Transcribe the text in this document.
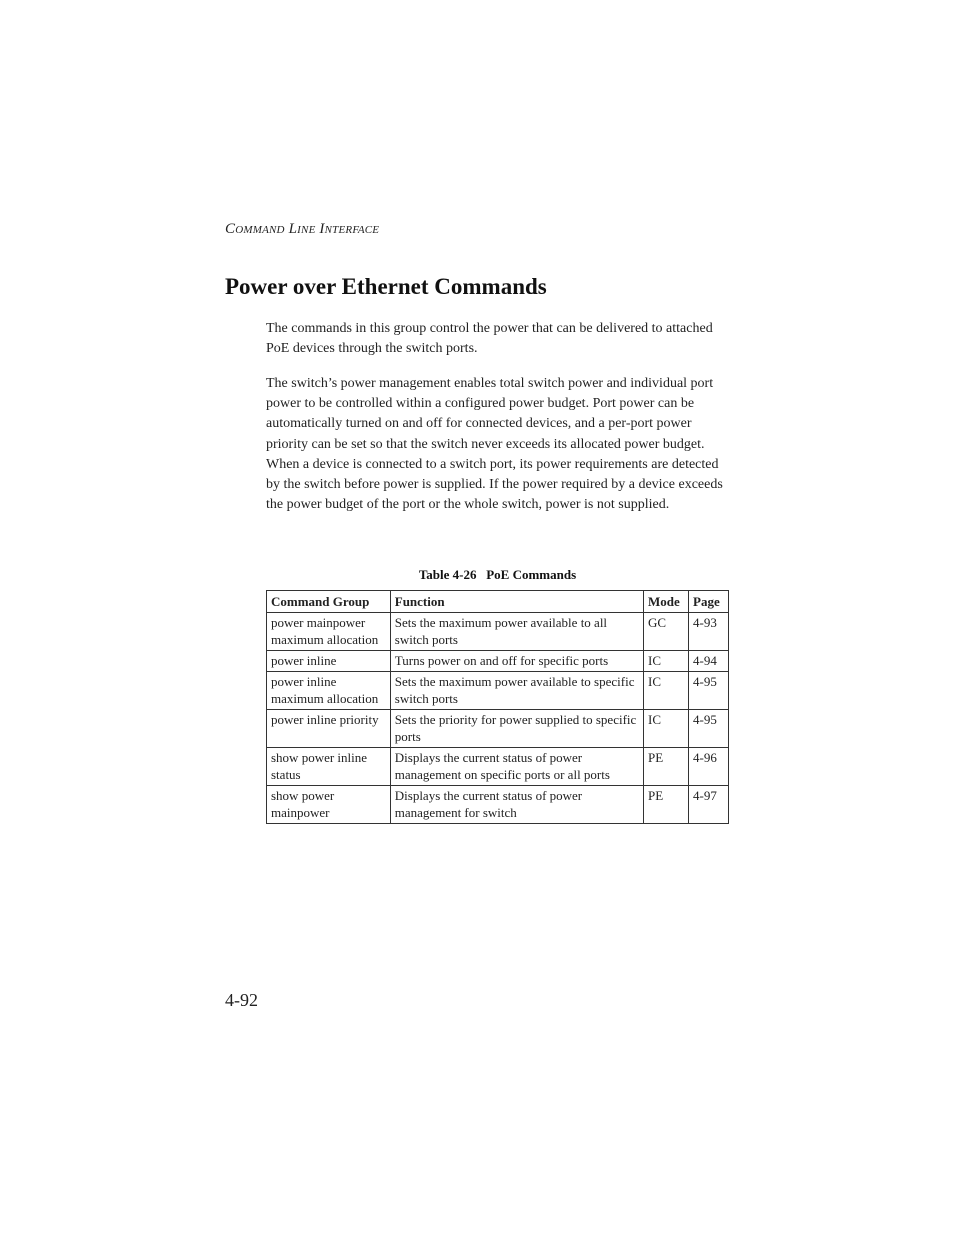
Command Line Interface
Power over Ethernet Commands

The commands in this group control the power that can be delivered to attached PoE devices through the switch ports.

The switch’s power management enables total switch power and individual port power to be controlled within a configured power budget. Port power can be automatically turned on and off for connected devices, and a per-port power priority can be set so that the switch never exceeds its allocated power budget. When a device is connected to a switch port, its power requirements are detected by the switch before power is supplied. If the power required by a device exceeds the power budget of the port or the whole switch, power is not supplied.

Table 4-26   PoE Commands
Command Group	Function	Mode	Page
power mainpower maximum allocation	Sets the maximum power available to all switch ports	GC	4-93
power inline	Turns power on and off for specific ports	IC	4-94
power inline maximum allocation	Sets the maximum power available to specific switch ports	IC	4-95
power inline priority	Sets the priority for power supplied to specific ports	IC	4-95
show power inline status	Displays the current status of power management on specific ports or all ports	PE	4-96
show power mainpower	Displays the current status of power management for switch	PE	4-97
4-92
